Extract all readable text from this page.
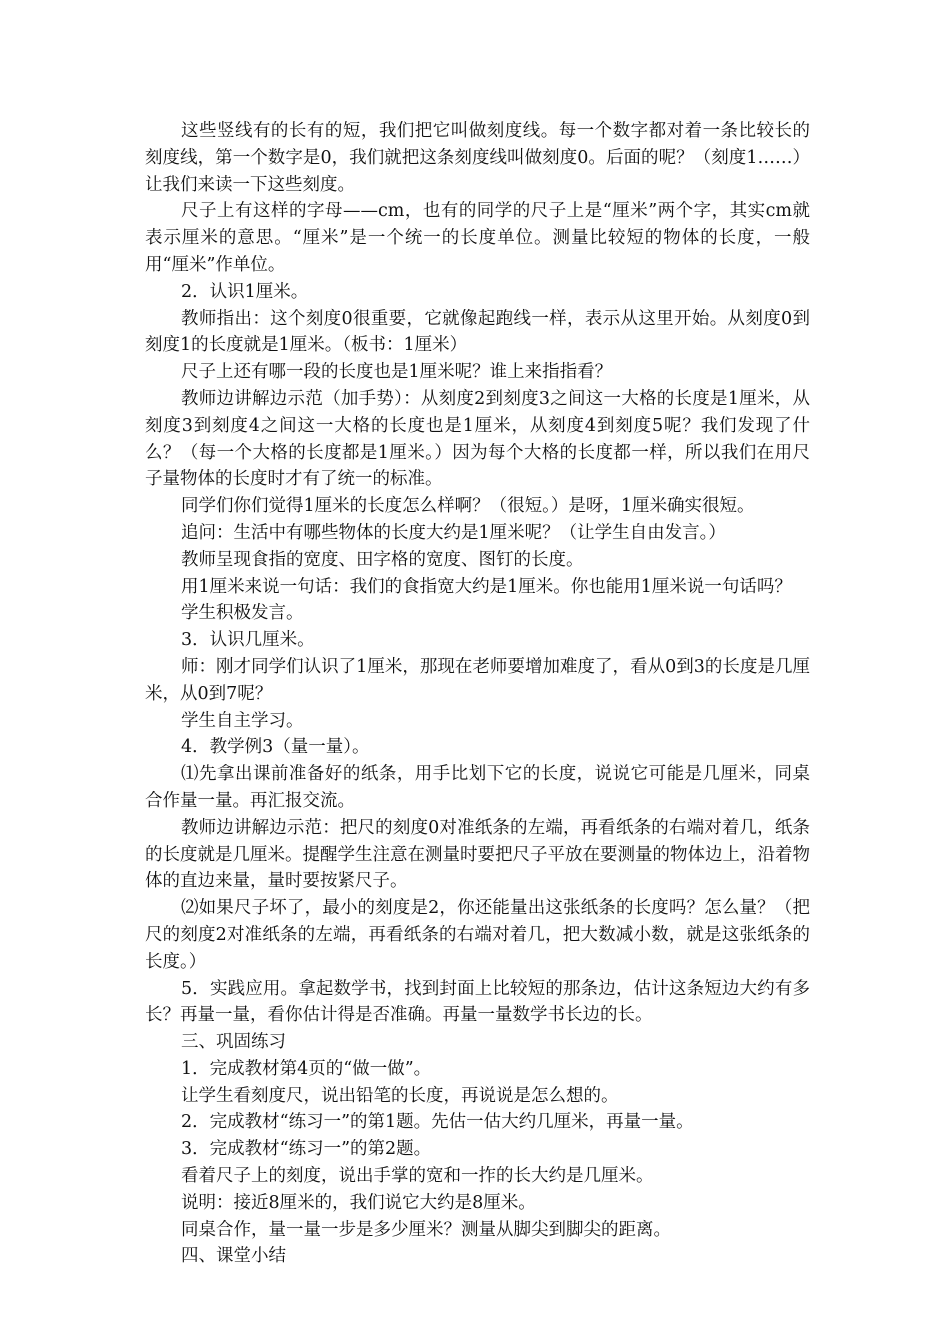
这些竖线有的长有的短，我们把它叫做刻度线。每一个数字都对着一条比较长的刻度线，第一个数字是0，我们就把这条刻度线叫做刻度0。后面的呢？（刻度1……）让我们来读一下这些刻度。

尺子上有这样的字母——cm，也有的同学的尺子上是“厘米”两个字，其实cm就表示厘米的意思。“厘米”是一个统一的长度单位。测量比较短的物体的长度，一般用“厘米”作单位。

2．认识1厘米。

教师指出：这个刻度0很重要，它就像起跑线一样，表示从这里开始。从刻度0到刻度1的长度就是1厘米。（板书：1厘米）

尺子上还有哪一段的长度也是1厘米呢？谁上来指指看？

教师边讲解边示范（加手势）：从刻度2到刻度3之间这一大格的长度是1厘米，从刻度3到刻度4之间这一大格的长度也是1厘米，从刻度4到刻度5呢？我们发现了什么？（每一个大格的长度都是1厘米。）因为每个大格的长度都一样，所以我们在用尺子量物体的长度时才有了统一的标准。

同学们你们觉得1厘米的长度怎么样啊？（很短。）是呀，1厘米确实很短。

追问：生活中有哪些物体的长度大约是1厘米呢？（让学生自由发言。）

教师呈现食指的宽度、田字格的宽度、图钉的长度。

用1厘米来说一句话：我们的食指宽大约是1厘米。你也能用1厘米说一句话吗？

学生积极发言。

3．认识几厘米。

师：刚才同学们认识了1厘米，那现在老师要增加难度了，看从0到3的长度是几厘米，从0到7呢？

学生自主学习。

4．教学例3（量一量）。

⑴先拿出课前准备好的纸条，用手比划下它的长度，说说它可能是几厘米，同桌合作量一量。再汇报交流。

教师边讲解边示范：把尺的刻度0对准纸条的左端，再看纸条的右端对着几，纸条的长度就是几厘米。提醒学生注意在测量时要把尺子平放在要测量的物体边上，沿着物体的直边来量，量时要按紧尺子。

⑵如果尺子坏了，最小的刻度是2，你还能量出这张纸条的长度吗？怎么量？（把尺的刻度2对准纸条的左端，再看纸条的右端对着几，把大数减小数，就是这张纸条的长度。）

5．实践应用。拿起数学书，找到封面上比较短的那条边，估计这条短边大约有多长？再量一量，看你估计得是否准确。再量一量数学书长边的长。

三、巩固练习

1．完成教材第4页的“做一做”。

让学生看刻度尺，说出铅笔的长度，再说说是怎么想的。

2．完成教材“练习一”的第1题。先估一估大约几厘米，再量一量。

3．完成教材“练习一”的第2题。

看着尺子上的刻度，说出手掌的宽和一拃的长大约是几厘米。

说明：接近8厘米的，我们说它大约是8厘米。

同桌合作，量一量一步是多少厘米？测量从脚尖到脚尖的距离。

四、课堂小结
